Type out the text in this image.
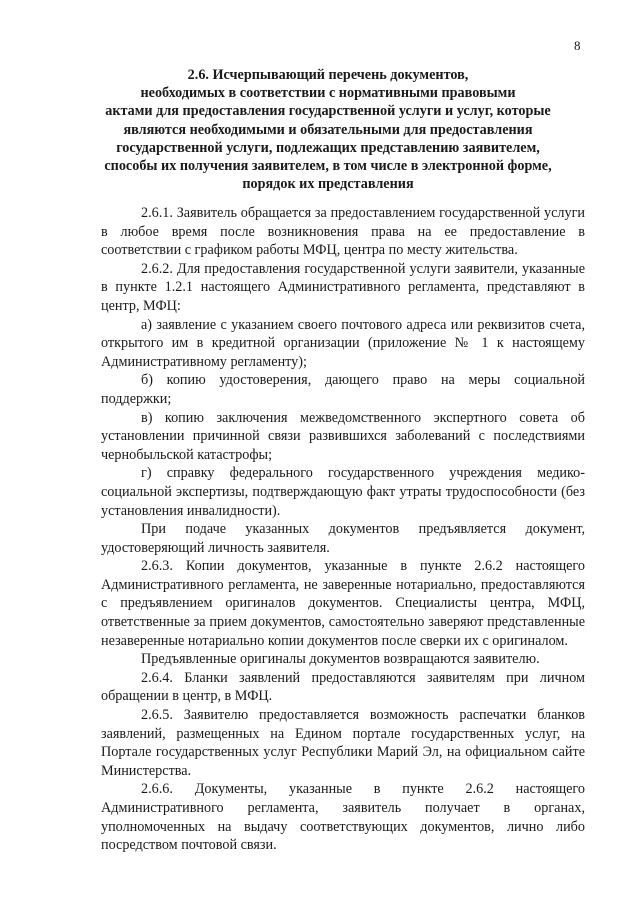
8
2.6. Исчерпывающий перечень документов,
необходимых в соответствии с нормативными правовыми
актами для предоставления государственной услуги и услуг, которые
являются необходимыми и обязательными для предоставления
государственной услуги, подлежащих представлению заявителем,
способы их получения заявителем, в том числе в электронной форме,
порядок их представления

2.6.1. Заявитель обращается за предоставлением государственной услуги в любое время после возникновения права на ее предоставление в соответствии с графиком работы МФЦ, центра по месту жительства.

2.6.2. Для предоставления государственной услуги заявители, указанные в пункте 1.2.1 настоящего Административного регламента, представляют в центр, МФЦ:

а) заявление с указанием своего почтового адреса или реквизитов счета, открытого им в кредитной организации (приложение № 1 к настоящему Административному регламенту);

б) копию удостоверения, дающего право на меры социальной поддержки;

в) копию заключения межведомственного экспертного совета об установлении причинной связи развившихся заболеваний с последствиями чернобыльской катастрофы;

г) справку федерального государственного учреждения медико-социальной экспертизы, подтверждающую факт утраты трудоспособности (без установления инвалидности).

При подаче указанных документов предъявляется документ, удостоверяющий личность заявителя.

2.6.3. Копии документов, указанные в пункте 2.6.2 настоящего Административного регламента, не заверенные нотариально, предоставляются с предъявлением оригиналов документов. Специалисты центра, МФЦ, ответственные за прием документов, самостоятельно заверяют представленные незаверенные нотариально копии документов после сверки их с оригиналом.

Предъявленные оригиналы документов возвращаются заявителю.

2.6.4. Бланки заявлений предоставляются заявителям при личном обращении в центр, в МФЦ.

2.6.5. Заявителю предоставляется возможность распечатки бланков заявлений, размещенных на Едином портале государственных услуг, на Портале государственных услуг Республики Марий Эл, на официальном сайте Министерства.

2.6.6. Документы, указанные в пункте 2.6.2 настоящего Административного регламента, заявитель получает в органах, уполномоченных на выдачу соответствующих документов, лично либо посредством почтовой связи.
